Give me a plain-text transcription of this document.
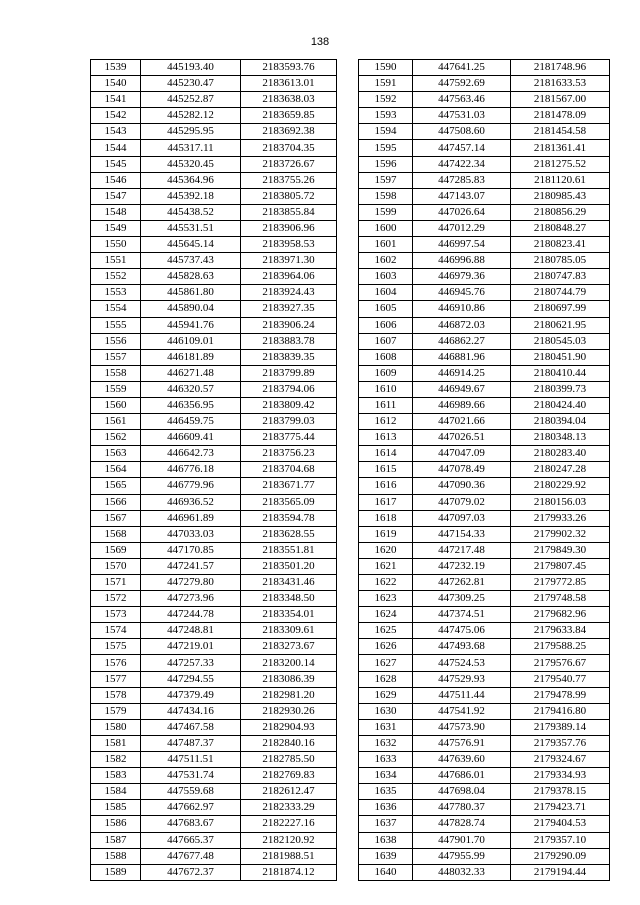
138
1539	445193.40	2183593.76
1540	445230.47	2183613.01
1541	445252.87	2183638.03
1542	445282.12	2183659.85
1543	445295.95	2183692.38
1544	445317.11	2183704.35
1545	445320.45	2183726.67
1546	445364.96	2183755.26
1547	445392.18	2183805.72
1548	445438.52	2183855.84
1549	445531.51	2183906.96
1550	445645.14	2183958.53
1551	445737.43	2183971.30
1552	445828.63	2183964.06
1553	445861.80	2183924.43
1554	445890.04	2183927.35
1555	445941.76	2183906.24
1556	446109.01	2183883.78
1557	446181.89	2183839.35
1558	446271.48	2183799.89
1559	446320.57	2183794.06
1560	446356.95	2183809.42
1561	446459.75	2183799.03
1562	446609.41	2183775.44
1563	446642.73	2183756.23
1564	446776.18	2183704.68
1565	446779.96	2183671.77
1566	446936.52	2183565.09
1567	446961.89	2183594.78
1568	447033.03	2183628.55
1569	447170.85	2183551.81
1570	447241.57	2183501.20
1571	447279.80	2183431.46
1572	447273.96	2183348.50
1573	447244.78	2183354.01
1574	447248.81	2183309.61
1575	447219.01	2183273.67
1576	447257.33	2183200.14
1577	447294.55	2183086.39
1578	447379.49	2182981.20
1579	447434.16	2182930.26
1580	447467.58	2182904.93
1581	447487.37	2182840.16
1582	447511.51	2182785.50
1583	447531.74	2182769.83
1584	447559.68	2182612.47
1585	447662.97	2182333.29
1586	447683.67	2182227.16
1587	447665.37	2182120.92
1588	447677.48	2181988.51
1589	447672.37	2181874.12
1590	447641.25	2181748.96
1591	447592.69	2181633.53
1592	447563.46	2181567.00
1593	447531.03	2181478.09
1594	447508.60	2181454.58
1595	447457.14	2181361.41
1596	447422.34	2181275.52
1597	447285.83	2181120.61
1598	447143.07	2180985.43
1599	447026.64	2180856.29
1600	447012.29	2180848.27
1601	446997.54	2180823.41
1602	446996.88	2180785.05
1603	446979.36	2180747.83
1604	446945.76	2180744.79
1605	446910.86	2180697.99
1606	446872.03	2180621.95
1607	446862.27	2180545.03
1608	446881.96	2180451.90
1609	446914.25	2180410.44
1610	446949.67	2180399.73
1611	446989.66	2180424.40
1612	447021.66	2180394.04
1613	447026.51	2180348.13
1614	447047.09	2180283.40
1615	447078.49	2180247.28
1616	447090.36	2180229.92
1617	447079.02	2180156.03
1618	447097.03	2179933.26
1619	447154.33	2179902.32
1620	447217.48	2179849.30
1621	447232.19	2179807.45
1622	447262.81	2179772.85
1623	447309.25	2179748.58
1624	447374.51	2179682.96
1625	447475.06	2179633.84
1626	447493.68	2179588.25
1627	447524.53	2179576.67
1628	447529.93	2179540.77
1629	447511.44	2179478.99
1630	447541.92	2179416.80
1631	447573.90	2179389.14
1632	447576.91	2179357.76
1633	447639.60	2179324.67
1634	447686.01	2179334.93
1635	447698.04	2179378.15
1636	447780.37	2179423.71
1637	447828.74	2179404.53
1638	447901.70	2179357.10
1639	447955.99	2179290.09
1640	448032.33	2179194.44
